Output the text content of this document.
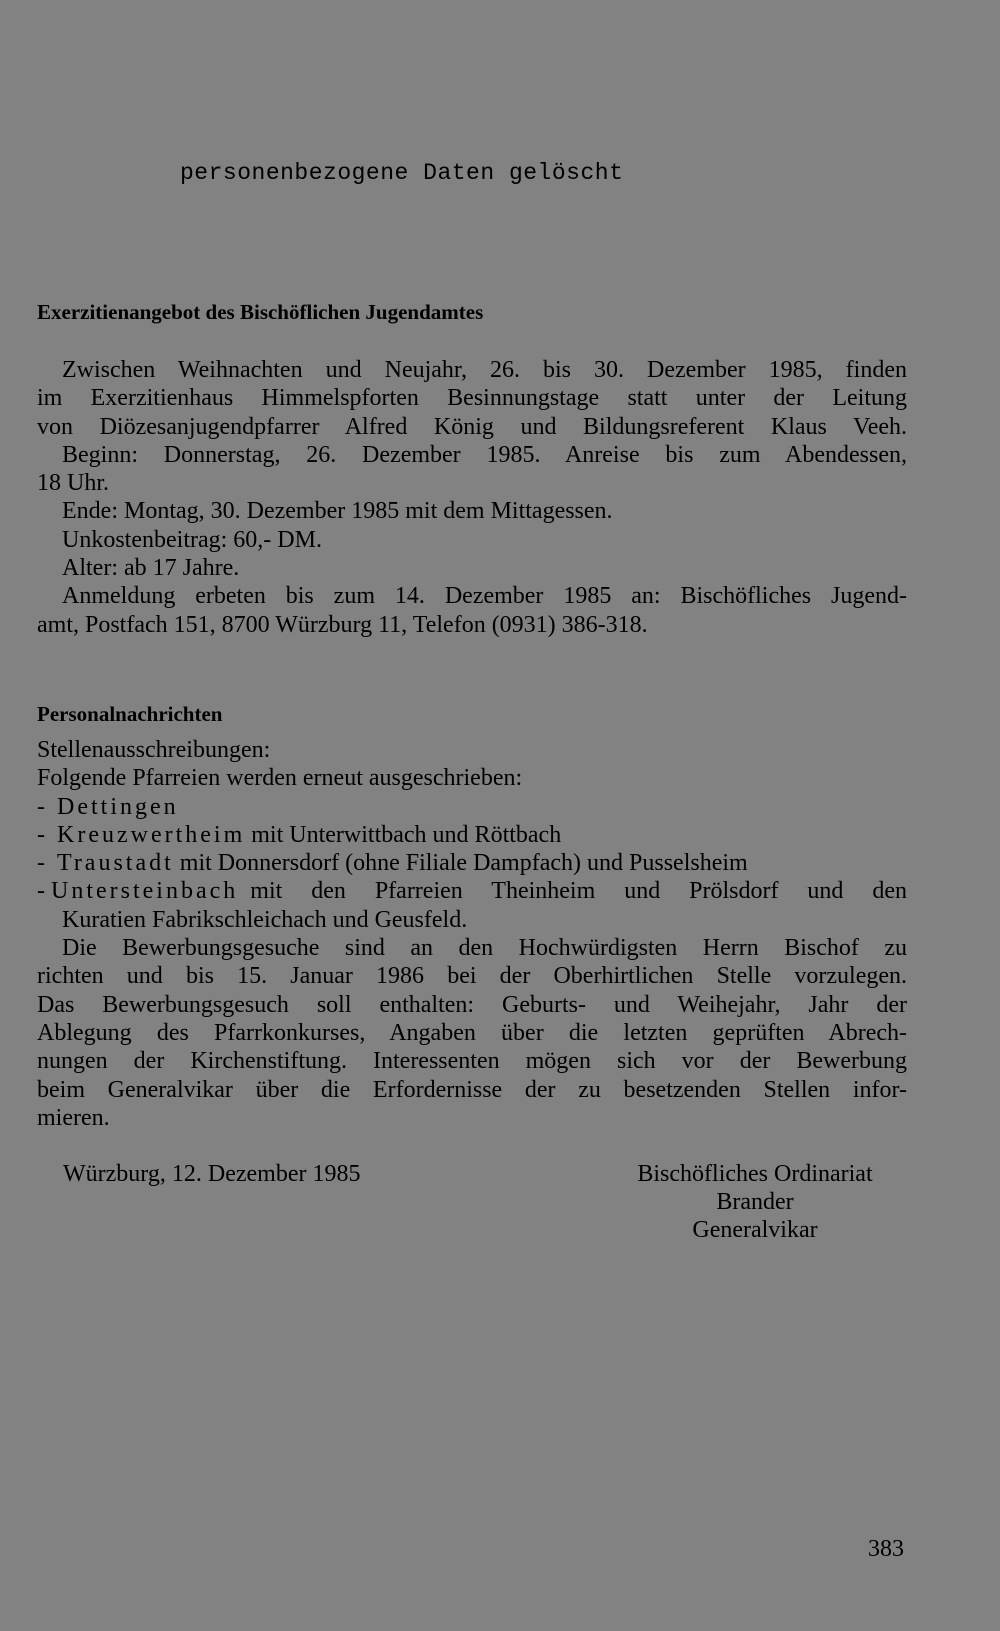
personenbezogene Daten gelöscht
Exerzitienangebot des Bischöflichen Jugendamtes
Zwischen Weihnachten und Neujahr, 26. bis 30. Dezember 1985, finden
im Exerzitienhaus Himmelspforten Besinnungstage statt unter der Leitung
von Diözesanjugendpfarrer Alfred König und Bildungsreferent Klaus Veeh.
Beginn: Donnerstag, 26. Dezember 1985. Anreise bis zum Abendessen,
18 Uhr.
Ende: Montag, 30. Dezember 1985 mit dem Mittagessen.
Unkostenbeitrag: 60,- DM.
Alter: ab 17 Jahre.
Anmeldung erbeten bis zum 14. Dezember 1985 an: Bischöfliches Jugend-
amt, Postfach 151, 8700 Würzburg 11, Telefon (0931) 386-318.
Personalnachrichten
Stellenausschreibungen:
Folgende Pfarreien werden erneut ausgeschrieben:
- Dettingen
- Kreuzwertheim mit Unterwittbach und Röttbach
- Traustadt mit Donnersdorf (ohne Filiale Dampfach) und Pusselsheim
- Untersteinbach mit den Pfarreien Theinheim und Prölsdorf und den
Kuratien Fabrikschleichach und Geusfeld.
Die Bewerbungsgesuche sind an den Hochwürdigsten Herrn Bischof zu
richten und bis 15. Januar 1986 bei der Oberhirtlichen Stelle vorzulegen.
Das Bewerbungsgesuch soll enthalten: Geburts- und Weihejahr, Jahr der
Ablegung des Pfarrkonkurses, Angaben über die letzten geprüften Abrech-
nungen der Kirchenstiftung. Interessenten mögen sich vor der Bewerbung
beim Generalvikar über die Erfordernisse der zu besetzenden Stellen infor-
mieren.
Würzburg, 12. Dezember 1985	Bischöfliches Ordinariat
Brander
Generalvikar
383
